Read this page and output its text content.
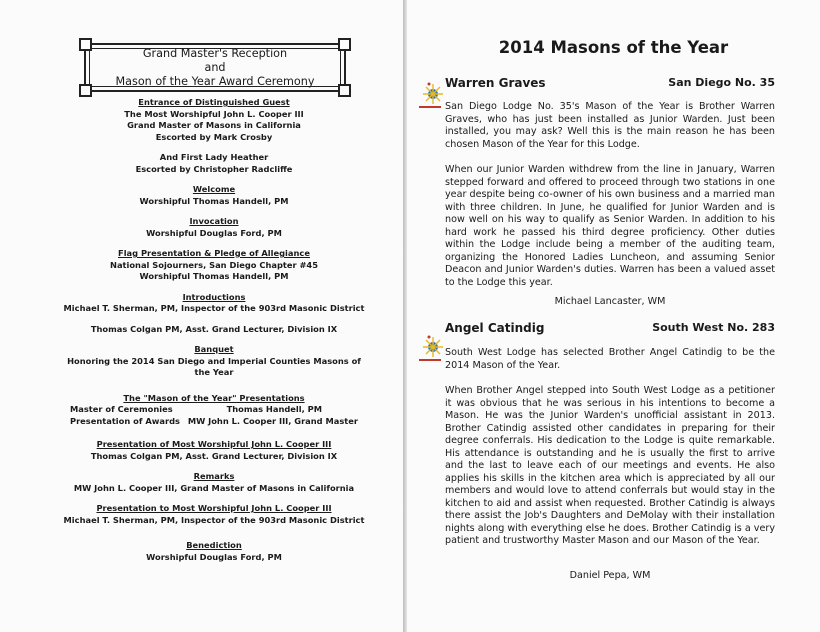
Grand Master's Reception
and
Mason of the Year Award Ceremony
Entrance of Distinguished Guest
The Most Worshipful John L. Cooper III
Grand Master of Masons in California
Escorted by Mark Crosby
And First Lady Heather
Escorted by Christopher Radcliffe
Welcome
Worshipful Thomas Handell, PM
Invocation
Worshipful Douglas Ford, PM
Flag Presentation & Pledge of Allegiance
National Sojourners, San Diego Chapter #45
Worshipful Thomas Handell, PM
Introductions
Michael T. Sherman, PM, Inspector of the 903rd Masonic District
Thomas Colgan PM, Asst. Grand Lecturer, Division IX
Banquet
Honoring the 2014 San Diego and Imperial Counties Masons of the Year
The "Mason of the Year" Presentations
Master of Ceremonies	Thomas Handell, PM
Presentation of Awards MW John L. Cooper III, Grand Master
Presentation of Most Worshipful John L. Cooper III
Thomas Colgan PM, Asst. Grand Lecturer, Division IX
Remarks
MW John L. Cooper III, Grand Master of Masons in California
Presentation to Most Worshipful John L. Cooper III
Michael T. Sherman, PM, Inspector of the 903rd Masonic District
Benediction
Worshipful Douglas Ford, PM
2014 Masons of the Year
Warren Graves	San Diego No. 35
San Diego Lodge No. 35's Mason of the Year is Brother Warren Graves, who has just been installed as Junior Warden. Just been installed, you may ask? Well this is the main reason he has been chosen Mason of the Year for this Lodge.
When our Junior Warden withdrew from the line in January, Warren stepped forward and offered to proceed through two stations in one year despite being co-owner of his own business and a married man with three children. In June, he qualified for Junior Warden and is now well on his way to qualify as Senior Warden. In addition to his hard work he passed his third degree proficiency. Other duties within the Lodge include being a member of the auditing team, organizing the Honored Ladies Luncheon, and assuming Senior Deacon and Junior Warden's duties. Warren has been a valued asset to the Lodge this year.
Michael Lancaster, WM
Angel Catindig	South West No. 283
South West Lodge has selected Brother Angel Catindig to be the 2014 Mason of the Year.
When Brother Angel stepped into South West Lodge as a petitioner it was obvious that he was serious in his intentions to become a Mason. He was the Junior Warden's unofficial assistant in 2013. Brother Catindig assisted other candidates in preparing for their degree conferrals. His dedication to the Lodge is quite remarkable. His attendance is outstanding and he is usually the first to arrive and the last to leave each of our meetings and events. He also applies his skills in the kitchen area which is appreciated by all our members and would love to attend conferrals but would stay in the kitchen to aid and assist when requested. Brother Catindig is always there assist the Job's Daughters and DeMolay with their installation nights along with everything else he does. Brother Catindig is a very patient and trustworthy Master Mason and our Mason of the Year.
Daniel Pepa, WM
